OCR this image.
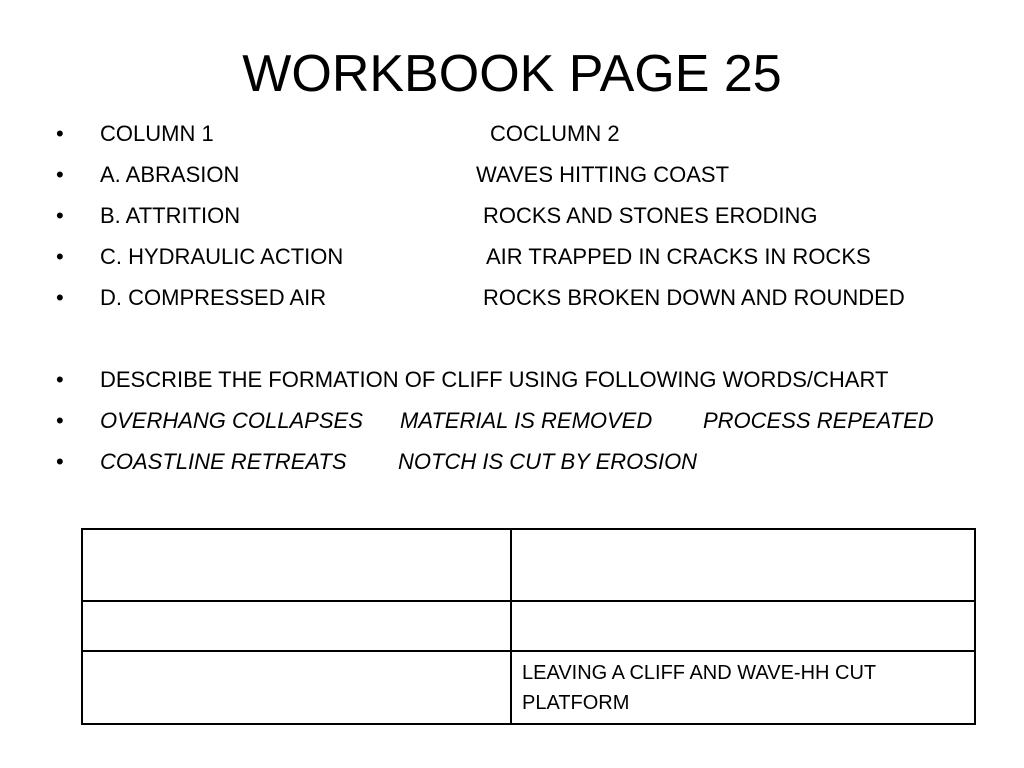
WORKBOOK PAGE 25
•	COLUMN 1	COCLUMN 2
•	A. ABRASION	WAVES HITTING COAST
•	B. ATTRITION	ROCKS AND STONES ERODING
•	C. HYDRAULIC ACTION	AIR TRAPPED IN CRACKS IN ROCKS
•	D. COMPRESSED AIR	ROCKS BROKEN DOWN AND ROUNDED
•	DESCRIBE THE FORMATION OF CLIFF USING FOLLOWING WORDS/CHART
•	OVERHANG COLLAPSES MATERIAL IS REMOVED PROCESS REPEATED
•	COASTLINE RETREATS NOTCH IS CUT BY EROSION

	LEAVING A CLIFF AND WAVE-HH CUT PLATFORM
